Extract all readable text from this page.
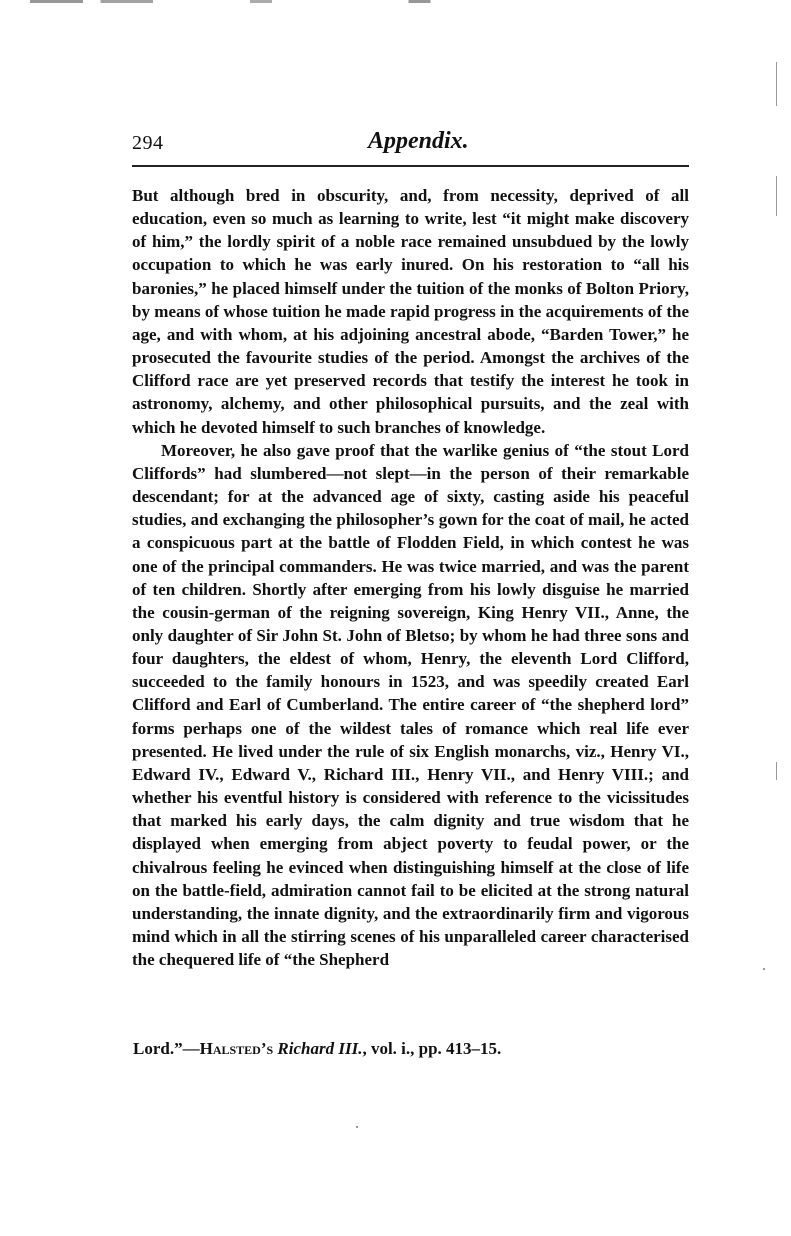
294	Appendix.

But although bred in obscurity, and, from necessity, deprived of all education, even so much as learning to write, lest “it might make discovery of him,” the lordly spirit of a noble race remained unsubdued by the lowly occupation to which he was early inured. On his restoration to “all his baronies,” he placed himself under the tuition of the monks of Bolton Priory, by means of whose tuition he made rapid progress in the acquirements of the age, and with whom, at his adjoining ancestral abode, “Barden Tower,” he prosecuted the favourite studies of the period. Amongst the archives of the Clifford race are yet preserved records that testify the interest he took in astronomy, alchemy, and other philosophical pursuits, and the zeal with which he devoted himself to such branches of knowledge.

Moreover, he also gave proof that the warlike genius of “the stout Lord Cliffords” had slumbered—not slept—in the person of their remarkable descendant; for at the advanced age of sixty, casting aside his peaceful studies, and exchanging the philosopher’s gown for the coat of mail, he acted a conspicuous part at the battle of Flodden Field, in which contest he was one of the principal commanders. He was twice married, and was the parent of ten children. Shortly after emerging from his lowly disguise he married the cousin-german of the reigning sovereign, King Henry VII., Anne, the only daughter of Sir John St. John of Bletso; by whom he had three sons and four daughters, the eldest of whom, Henry, the eleventh Lord Clifford, succeeded to the family honours in 1523, and was speedily created Earl Clifford and Earl of Cumberland. The entire career of “the shepherd lord” forms perhaps one of the wildest tales of romance which real life ever presented. He lived under the rule of six English monarchs, viz., Henry VI., Edward IV., Edward V., Richard III., Henry VII., and Henry VIII.; and whether his eventful history is considered with reference to the vicissitudes that marked his early days, the calm dignity and true wisdom that he displayed when emerging from abject poverty to feudal power, or the chivalrous feeling he evinced when distinguishing himself at the close of life on the battle-field, admiration cannot fail to be elicited at the strong natural understanding, the innate dignity, and the extraordinarily firm and vigorous mind which in all the stirring scenes of his unparalleled career characterised the chequered life of “the Shepherd

Lord.”—Halsted’s Richard III., vol. i., pp. 413–15.
